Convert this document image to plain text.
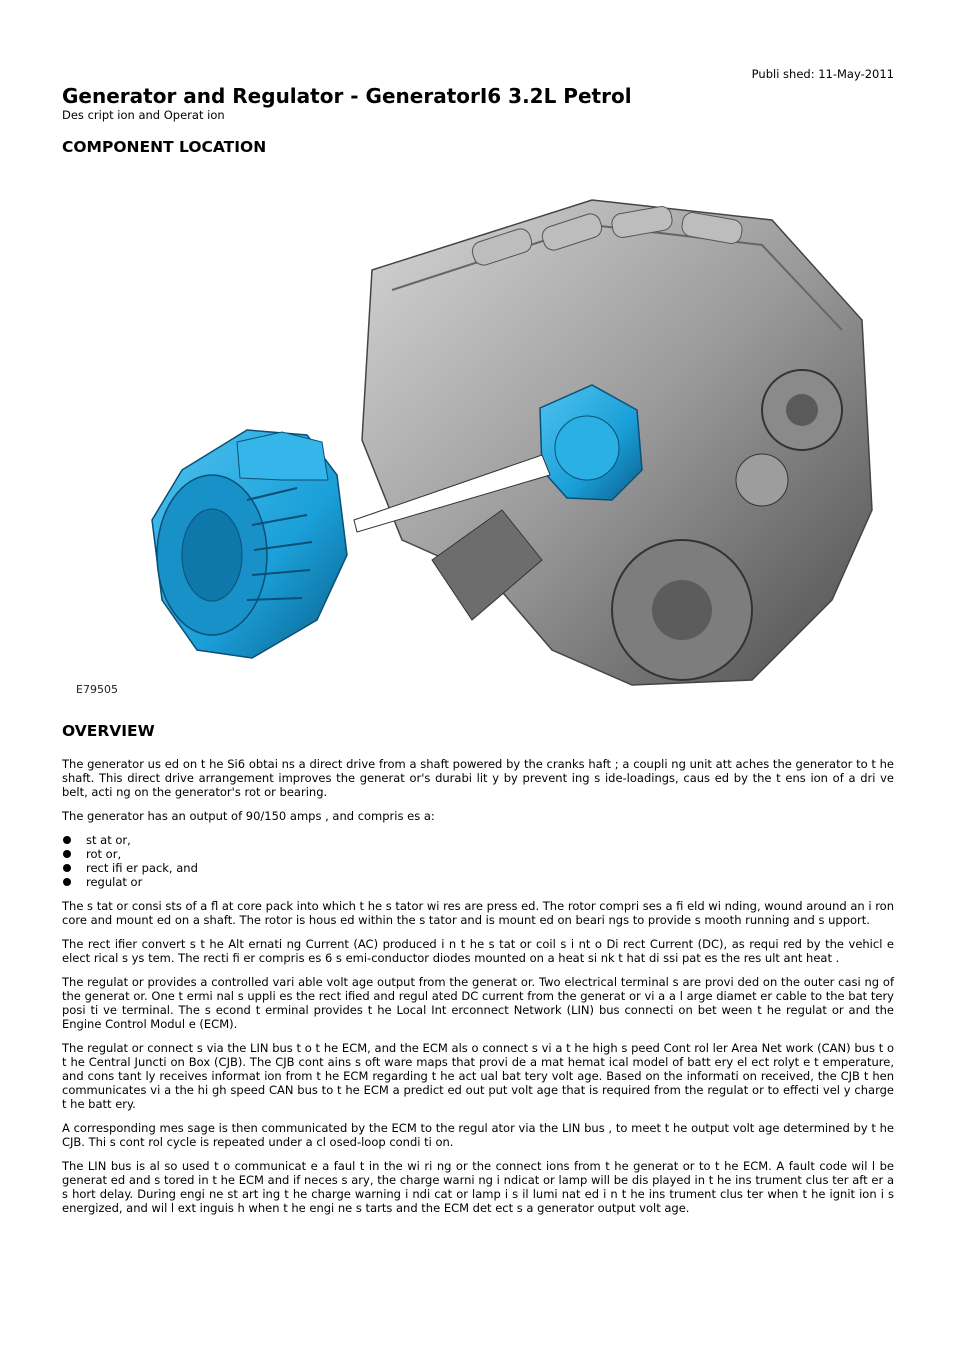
Publi shed: 11-May-2011
Generator and Regulator - GeneratorI6 3.2L Petrol
Des cript ion and Operat ion
COMPONENT LOCATION
E79505
OVERVIEW

The generator us ed on t he Si6 obtai ns a direct drive from a shaft powered by the cranks haft ; a coupli ng unit att aches the generator to t he shaft. This direct drive arrangement improves the generat or's durabi lit y by prevent ing s ide-loadings, caus ed by the t ens ion of a dri ve belt, acti ng on the generator's rot or bearing.

The generator has an output of 90/150 amps , and compris es a:

st at or,
rot or,
rect ifi er pack, and
regulat or

The s tat or consi sts of a fl at core pack into which t he s tator wi res are press ed. The rotor compri ses a fi eld wi nding, wound around an i ron core and mount ed on a shaft. The rotor is hous ed within the s tator and is mount ed on beari ngs to provide s mooth running and s upport.

The rect ifier convert s t he Alt ernati ng Current (AC) produced i n t he s tat or coil s i nt o Di rect Current (DC), as requi red by the vehicl e elect rical s ys tem. The recti fi er compris es 6 s emi-conductor diodes mounted on a heat si nk t hat di ssi pat es the res ult ant heat .

The regulat or provides a controlled vari able volt age output from the generat or. Two electrical terminal s are provi ded on the outer casi ng of the generat or. One t ermi nal s uppli es the rect ified and regul ated DC current from the generat or vi a a l arge diamet er cable to the bat tery posi ti ve terminal. The s econd t erminal provides t he Local Int erconnect Network (LIN) bus connecti on bet ween t he regulat or and the Engine Control Modul e (ECM).

The regulat or connect s via the LIN bus t o t he ECM, and the ECM als o connect s vi a t he high s peed Cont rol ler Area Net work (CAN) bus t o t he Central Juncti on Box (CJB). The CJB cont ains s oft ware maps that provi de a mat hemat ical model of batt ery el ect rolyt e t emperature, and cons tant ly receives informat ion from t he ECM regarding t he act ual bat tery volt age. Based on the informati on received, the CJB t hen communicates vi a the hi gh speed CAN bus to t he ECM a predict ed out put volt age that is required from the regulat or to effecti vel y charge t he batt ery.

A corresponding mes sage is then communicated by the ECM to the regul ator via the LIN bus , to meet t he output volt age determined by t he CJB. Thi s cont rol cycle is repeated under a cl osed-loop condi ti on.

The LIN bus is al so used t o communicat e a faul t in the wi ri ng or the connect ions from t he generat or to t he ECM. A fault code wil l be generat ed and s tored in t he ECM and if neces s ary, the charge warni ng i ndicat or lamp will be dis played in t he ins trument clus ter aft er a s hort delay. During engi ne st art ing t he charge warning i ndi cat or lamp i s il lumi nat ed i n t he ins trument clus ter when t he ignit ion i s energized, and wil l ext inguis h when t he engi ne s tarts and the ECM det ect s a generator output volt age.
